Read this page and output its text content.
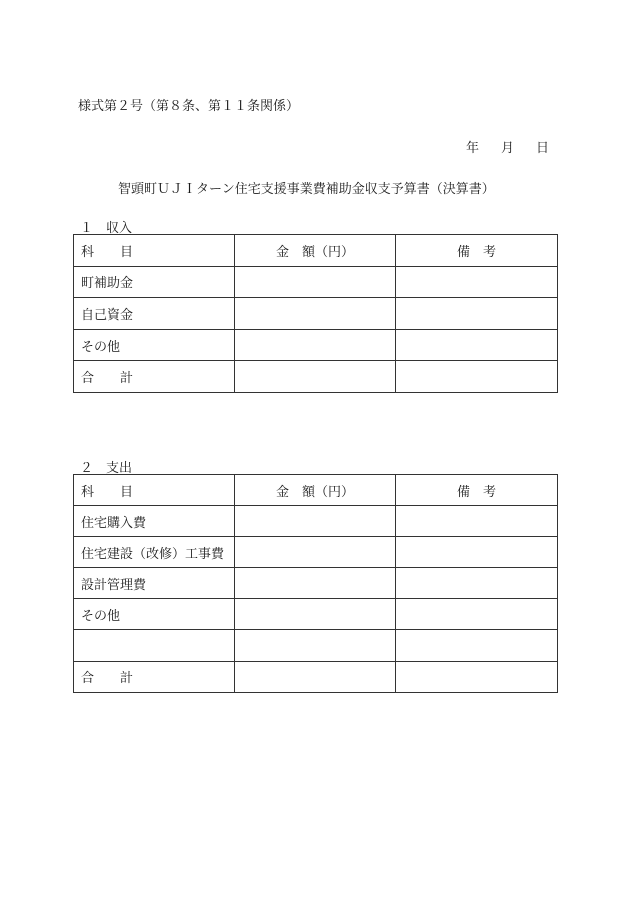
様式第２号（第８条、第１１条関係）
年 月 日
智頭町ＵＪＩターン住宅支援事業費補助金収支予算書（決算書）
１　収入
科　　目	金　額（円）	備　考
町補助金		
自己資金		
その他		
合　　計		
２　支出
科　　目	金　額（円）	備　考
住宅購入費		
住宅建設（改修）工事費		
設計管理費		
その他		

合　　計		
